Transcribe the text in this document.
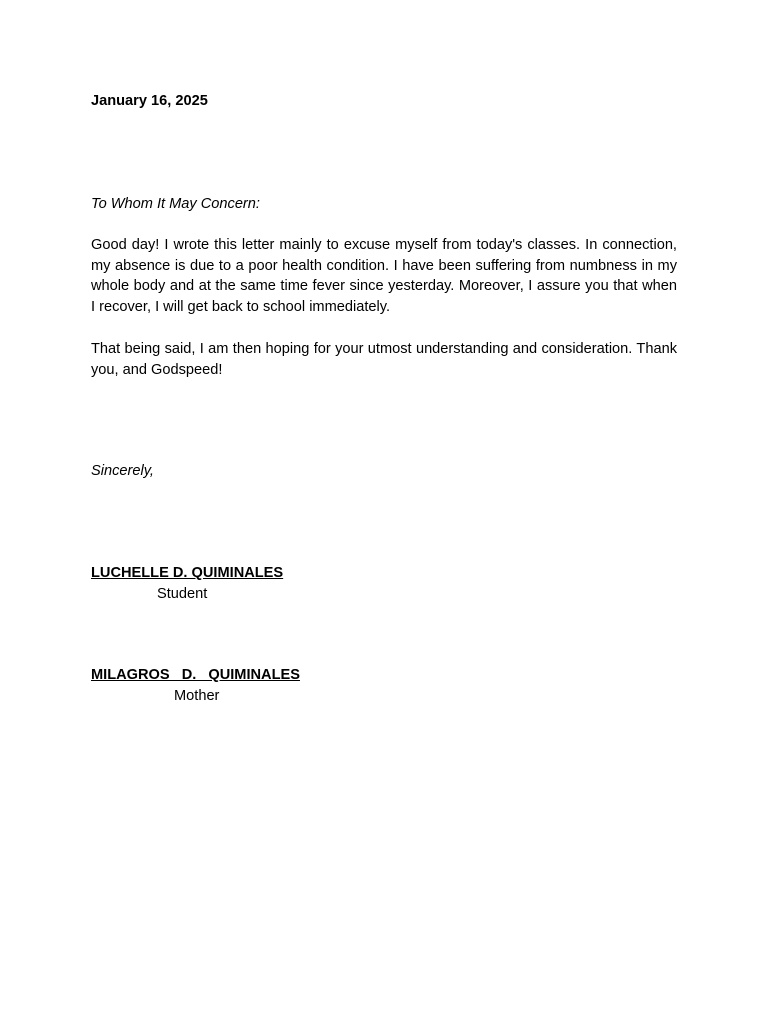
January 16, 2025

To Whom It May Concern:

Good day! I wrote this letter mainly to excuse myself from today's classes. In connection, my absence is due to a poor health condition. I have been suffering from numbness in my whole body and at the same time fever since yesterday. Moreover, I assure you that when I recover, I will get back to school immediately.

That being said, I am then hoping for your utmost understanding and consideration. Thank you, and Godspeed!

Sincerely,

LUCHELLE D. QUIMINALES

Student

MILAGROS D. QUIMINALES

Mother
